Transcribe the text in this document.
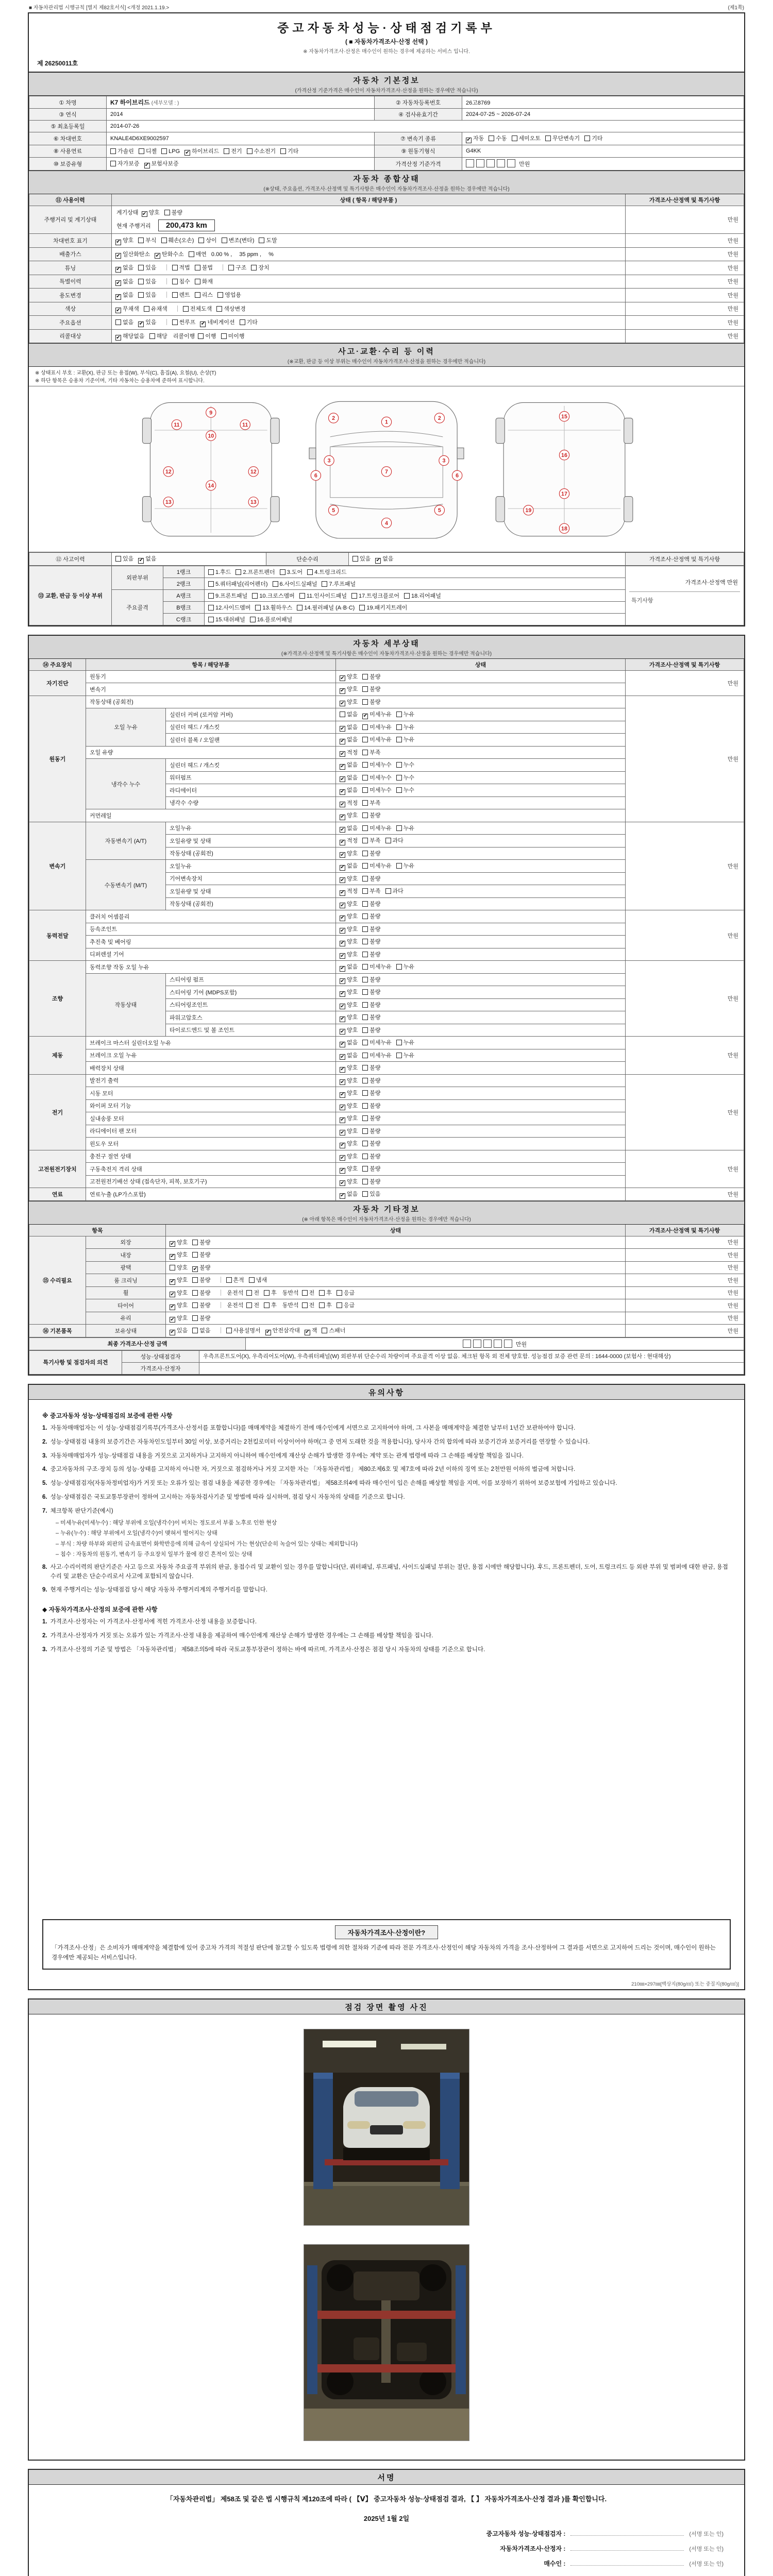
■ 자동차관리법 시행규칙 [별지 제82호서식] <개정 2021.1.19.>	(제1쪽)
중고자동차성능·상태점검기록부
( ■ 자동차가격조사·산정 선택 )
※ 자동차가격조사·산정은 매수인이 원하는 경우에 제공하는 서비스 입니다.
제 26250011호
자동차 기본정보
(가격산정 기준가격은 매수인이 자동차가격조사·산정을 원하는 경우에만 적습니다)
① 차명	K7 하이브리드 (세부모델 : )	② 자동차등록번호	26고8769
③ 연식	2014	④ 검사유효기간	2024-07-25 ~ 2026-07-24
⑤ 최초등록일	2014-07-26		
⑥ 차대번호	KNALE4D6XE9002597	⑦ 변속기 종류	✔ 자동 수동 세미오토 무단변속기 기타
⑧ 사용연료	가솔린 디젤 LPG ✔ 하이브리드 전기 수소전기 기타	⑨ 원동기형식	G4KK
⑩ 보증유형	자가보증 ✔ 보험사보증	가격산정 기준가격	만원
자동차 종합상태
(※상태, 주요옵션, 가격조사·산정액 및 특기사항은 매수인이 자동차가격조사·산정을 원하는 경우에만 적습니다)
⑪ 사용이력	상태 ( 항목 / 해당부품 )	가격조사·산정액 및 특기사항
주행거리 및 계기상태	계기상태 ✔ 양호 불량
현재 주행거리 200,473 km	만원
차대번호 표기	✔ 양호 부식 훼손(오손) 상이 변조(변타) 도말	만원
배출가스	✔ 일산화탄소 ✔ 탄화수소 매연 0.00 % , 35 ppm , %	만원
튜닝	✔ 없음 있음 적법 불법 구조 장치	만원
특별이력	✔ 없음 있음 침수 화재	만원
용도변경	✔ 없음 있음 렌트 리스 영업용	만원
색상	✔ 무채색 유채색 전체도색 색상변경	만원
주요옵션	없음 ✔ 있음 썬루프 ✔ 네비게이션 기타	만원
리콜대상	✔ 해당없음 해당 리콜이행 이행 미이행	만원
사고·교환·수리 등 이력
(※교환, 판금 등 이상 부위는 매수인이 자동차가격조사·산정을 원하는 경우에만 적습니다)
※ 상태표시 부호 : 교환(X), 판금 또는 용접(W), 부식(C), 흠집(A), 요철(U), 손상(T)
※ 하단 항목은 승용차 기준이며, 기타 자동차는 승용차에 준하여 표시합니다.
1
2	2
3	3
4
5	5
6	6
7
9
10
11	11
12	12
13	13
14
15
16
17
18
19
⑫ 사고이력	있음 ✔ 없음	단순수리	있음 ✔ 없음	가격조사·산정액 및 특기사항
⑬ 교환, 판금 등 이상 부위	외판부위	1랭크	1.후드 2.프론트펜더 3.도어 4.트렁크리드	가격조사·산정액 만원
특기사항

		2랭크	5.쿼터패널(리어펜더) 6.사이드실패널 7.루프패널	
	주요골격	A랭크	9.프론트패널 10.크로스멤버 11.인사이드패널 17.트렁크플로어 18.리어패널	
		B랭크	12.사이드멤버 13.휠하우스 14.필러패널 (A·B·C) 19.패키지트레이	
		C랭크	15.대쉬패널 16.플로어패널	
자동차 세부상태
(※가격조사·산정액 및 특기사항은 매수인이 자동차가격조사·산정을 원하는 경우에만 적습니다)
⑭ 주요장치	항목 / 해당부품		상태	가격조사·산정액 및 특기사항
자기진단	원동기		✔ 양호 불량	만원
	변속기		✔ 양호 불량	
원동기	작동상태 (공회전)		✔ 양호 불량	만원
	오일 누유	실린더 커버 (로커암 커버)	없음 ✔ 미세누유 누유	
		실린더 헤드 / 개스킷	✔ 없음 미세누유 누유	
		실린더 블록 / 오일팬	✔ 없음 미세누유 누유	
	오일 유량		✔ 적정 부족	
	냉각수 누수	실린더 헤드 / 개스킷	✔ 없음 미세누수 누수	
		워터펌프	✔ 없음 미세누수 누수	
		라디에이터	✔ 없음 미세누수 누수	
		냉각수 수량	✔ 적정 부족	
	커먼레일		✔ 양호 불량	
변속기	자동변속기 (A/T)	오일누유	✔ 없음 미세누유 누유	만원
		오일유량 및 상태	✔ 적정 부족 과다	
		작동상태 (공회전)	✔ 양호 불량	
	수동변속기 (M/T)	오일누유	✔ 없음 미세누유 누유	
		기어변속장치	✔ 양호 불량	
		오일유량 및 상태	✔ 적정 부족 과다	
		작동상태 (공회전)	✔ 양호 불량	
동력전달	클러치 어셈블리		✔ 양호 불량	만원
	등속조인트		✔ 양호 불량	
	추진축 및 베어링		✔ 양호 불량	
	디퍼렌셜 기어		✔ 양호 불량	
조향	동력조향 작동 오일 누유		✔ 없음 미세누유 누유	만원
	작동상태	스티어링 펌프	✔ 양호 불량	
		스티어링 기어 (MDPS포함)	✔ 양호 불량	
		스티어링조인트	✔ 양호 불량	
		파워고압호스	✔ 양호 불량	
		타이로드엔드 및 볼 조인트	✔ 양호 불량	
제동	브레이크 마스터 실린더오일 누유		✔ 없음 미세누유 누유	만원
	브레이크 오일 누유		✔ 없음 미세누유 누유	
	배력장치 상태		✔ 양호 불량	
전기	발전기 출력		✔ 양호 불량	만원
	시동 모터		✔ 양호 불량	
	와이퍼 모터 기능		✔ 양호 불량	
	실내송풍 모터		✔ 양호 불량	
	라디에이터 팬 모터		✔ 양호 불량	
	윈도우 모터		✔ 양호 불량	
고전원전기장치	충전구 절연 상태		✔ 양호 불량	만원
	구동축전지 격리 상태		✔ 양호 불량	
	고전원전기배선 상태 (접속단자, 피복, 보호기구)		✔ 양호 불량	
연료	연료누출 (LP가스포함)		✔ 없음 있음	만원
자동차 기타정보
(※ 아래 항목은 매수인이 자동차가격조사·산정을 원하는 경우에만 적습니다)
항목		상태	가격조사·산정액 및 특기사항
⑮ 수리필요	외장	✔ 양호 불량	만원
	내장	✔ 양호 불량	만원
	광택	양호 ✔ 불량	만원
	룸 크리닝	✔ 양호 불량 흔적 냄새	만원
	휠	✔ 양호 불량 운전석 전 후 동반석 전 후 응급	만원
	타이어	✔ 양호 불량 운전석 전 후 동반석 전 후 응급	만원
	유리	✔ 양호 불량	만원
⑯ 기본품목	보유상태	✔ 있음 없음 사용설명서 ✔ 안전삼각대 ✔ 잭 스패너	만원
최종 가격조사·산정 금액	만원
특기사항 및 점검자의 의견	성능·상태점검자	우측프론트도어(X), 우측리어도어(W), 우측쿼터패널(W) 외판부위 단순수리 차량이며 주요골격 이상 없음. 체크된 항목 외 전체 양호함. 성능점검 보증 관련 문의 : 1644-0000 (보험사 : 현대해상)
	가격조사·산정자	
유의사항
※ 중고자동차 성능·상태점검의 보증에 관한 사항
1. 자동차매매업자는 이 성능·상태점검기록부(가격조사·산정서를 포함합니다)를 매매계약을 체결하기 전에 매수인에게 서면으로 고지하여야 하며, 그 사본을 매매계약을 체결한 날부터 1년간 보관하여야 합니다.
2. 성능·상태점검 내용의 보증기간은 자동차인도일부터 30일 이상, 보증거리는 2천킬로미터 이상이어야 하며(그 중 먼저 도래한 것을 적용합니다), 당사자 간의 합의에 따라 보증기간과 보증거리를 연장할 수 있습니다.
3. 자동차매매업자가 성능·상태점검 내용을 거짓으로 고지하거나 고지하지 아니하여 매수인에게 재산상 손해가 발생한 경우에는 계약 또는 관계 법령에 따라 그 손해를 배상할 책임을 집니다.
4. 중고자동차의 구조·장치 등의 성능·상태를 고지하지 아니한 자, 거짓으로 점검하거나 거짓 고지한 자는 「자동차관리법」 제80조제6호 및 제7호에 따라 2년 이하의 징역 또는 2천만원 이하의 벌금에 처합니다.
5. 성능·상태점검자(자동차정비업자)가 거짓 또는 오류가 있는 점검 내용을 제공한 경우에는 「자동차관리법」 제58조의4에 따라 매수인이 입은 손해를 배상할 책임을 지며, 이를 보장하기 위하여 보증보험에 가입하고 있습니다.
6. 성능·상태점검은 국토교통부장관이 정하여 고시하는 자동차검사기준 및 방법에 따라 실시하며, 점검 당시 자동차의 상태를 기준으로 합니다.
7. 체크항목 판단기준(예시)
– 미세누유(미세누수) : 해당 부위에 오일(냉각수)이 비치는 정도로서 부품 노후로 인한 현상
– 누유(누수) : 해당 부위에서 오일(냉각수)이 맺혀서 떨어지는 상태
– 부식 : 차량 하부와 외판의 금속표면이 화학반응에 의해 금속이 상실되어 가는 현상(단순히 녹슬어 있는 상태는 제외합니다)
– 침수 : 자동차의 원동기, 변속기 등 주요장치 일부가 물에 잠긴 흔적이 있는 상태
8. 사고·수리이력의 판단기준은 사고 등으로 자동차 주요골격 부위의 판금, 용접수리 및 교환이 있는 경우를 말합니다(단, 쿼터패널, 루프패널, 사이드실패널 부위는 절단, 용접 시에만 해당합니다). 후드, 프론트펜더, 도어, 트렁크리드 등 외판 부위 및 범퍼에 대한 판금, 용접수리 및 교환은 단순수리로서 사고에 포함되지 않습니다.
9. 현재 주행거리는 성능·상태점검 당시 해당 자동차 주행거리계의 주행거리를 말합니다.
◆ 자동차가격조사·산정의 보증에 관한 사항
1. 가격조사·산정자는 이 가격조사·산정서에 적힌 가격조사·산정 내용을 보증합니다.
2. 가격조사·산정자가 거짓 또는 오류가 있는 가격조사·산정 내용을 제공하여 매수인에게 재산상 손해가 발생한 경우에는 그 손해를 배상할 책임을 집니다.
3. 가격조사·산정의 기준 및 방법은 「자동차관리법」 제58조의5에 따라 국토교통부장관이 정하는 바에 따르며, 가격조사·산정은 점검 당시 자동차의 상태를 기준으로 합니다.
자동차가격조사·산정이란?
「가격조사·산정」은 소비자가 매매계약을 체결함에 있어 중고차 가격의 적절성 판단에 참고할 수 있도록 법령에 의한 절차와 기준에 따라 전문 가격조사·산정인이 해당 자동차의 가격을 조사·산정하여 그 결과를 서면으로 고지하여 드리는 것이며, 매수인이 원하는 경우에만 제공되는 서비스입니다.
210㎜×297㎜[백상지(80g/㎡) 또는 중질지(80g/㎡)]
점검 장면 촬영 사진
서명

「자동차관리법」 제58조 및 같은 법 시행규칙 제120조에 따라 ( 【Ⅴ】 중고자동차 성능·상태점검 결과, 【 】 자동차가격조사·산정 결과 )를 확인합니다.

2025년 1월 2일

중고자동차 성능·상태점검자 :	(서명 또는 인)
자동차가격조사·산정자 :	(서명 또는 인)
매수인 :	(서명 또는 인)
